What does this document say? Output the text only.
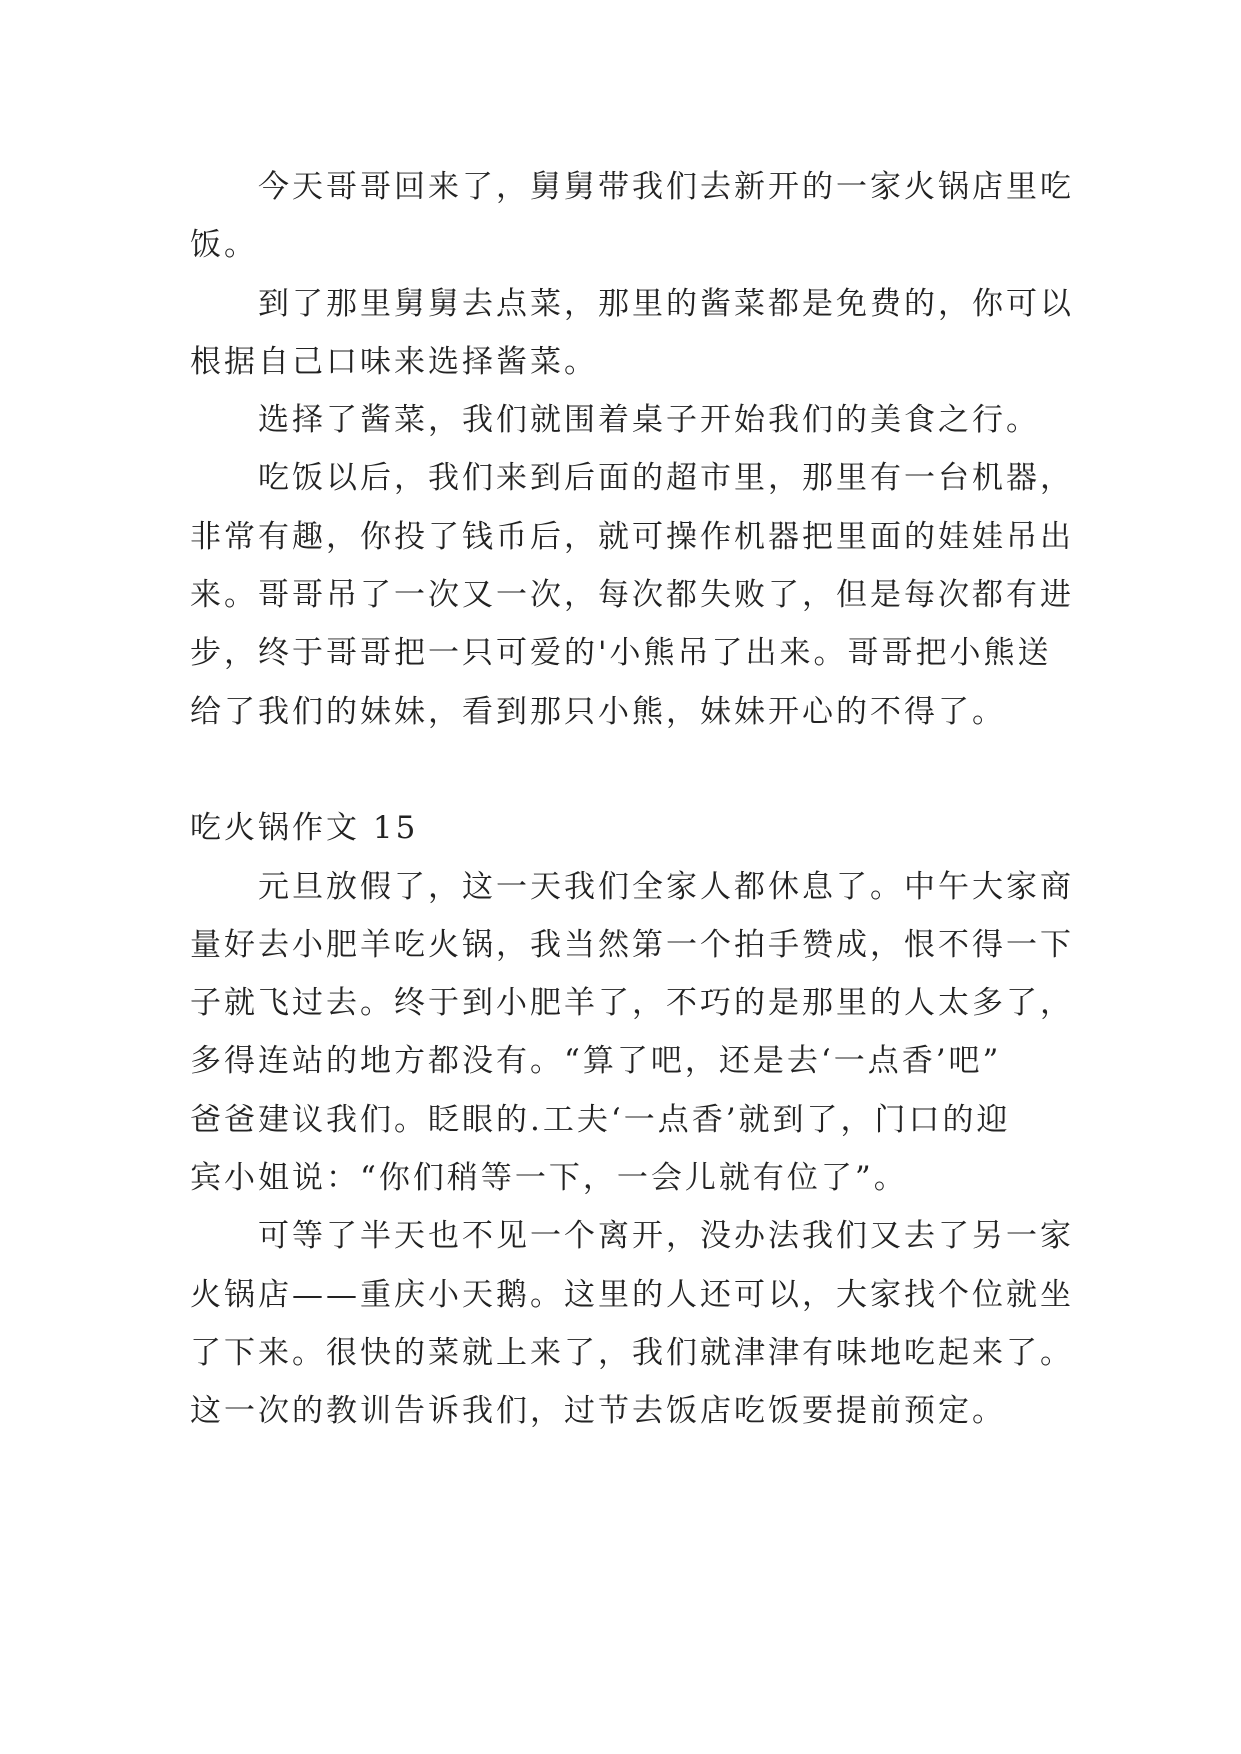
今天哥哥回来了，舅舅带我们去新开的一家火锅店里吃
饭。
到了那里舅舅去点菜，那里的酱菜都是免费的，你可以
根据自己口味来选择酱菜。
选择了酱菜，我们就围着桌子开始我们的美食之行。
吃饭以后，我们来到后面的超市里，那里有一台机器，
非常有趣，你投了钱币后，就可操作机器把里面的娃娃吊出
来。哥哥吊了一次又一次，每次都失败了，但是每次都有进
步，终于哥哥把一只可爱的'小熊吊了出来。哥哥把小熊送
给了我们的妹妹，看到那只小熊，妹妹开心的不得了。
吃火锅作文 15
元旦放假了，这一天我们全家人都休息了。中午大家商
量好去小肥羊吃火锅，我当然第一个拍手赞成，恨不得一下
子就飞过去。终于到小肥羊了，不巧的是那里的人太多了，
多得连站的地方都没有。“算了吧，还是去‘一点香’吧”
爸爸建议我们。眨眼的.工夫‘一点香’就到了，门口的迎
宾小姐说：“你们稍等一下，一会儿就有位了”。
可等了半天也不见一个离开，没办法我们又去了另一家
火锅店——重庆小天鹅。这里的人还可以，大家找个位就坐
了下来。很快的菜就上来了，我们就津津有味地吃起来了。
这一次的教训告诉我们，过节去饭店吃饭要提前预定。
